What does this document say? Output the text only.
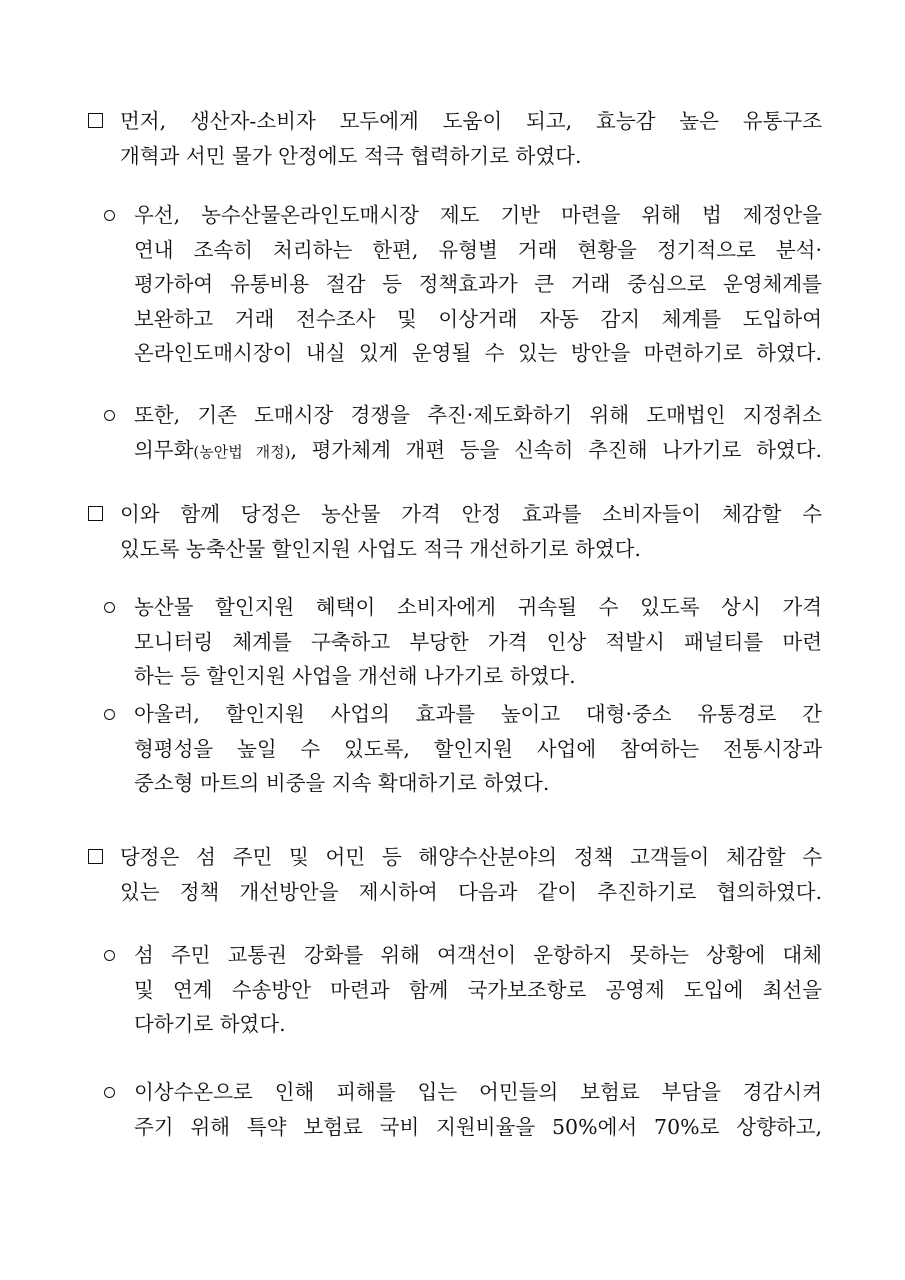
먼저, 생산자-소비자 모두에게 도움이 되고, 효능감 높은 유통구조
개혁과 서민 물가 안정에도 적극 협력하기로 하였다.
우선, 농수산물온라인도매시장 제도 기반 마련을 위해 법 제정안을
연내 조속히 처리하는 한편, 유형별 거래 현황을 정기적으로 분석·
평가하여 유통비용 절감 등 정책효과가 큰 거래 중심으로 운영체계를
보완하고 거래 전수조사 및 이상거래 자동 감지 체계를 도입하여
온라인도매시장이 내실 있게 운영될 수 있는 방안을 마련하기로 하였다.
또한, 기존 도매시장 경쟁을 추진·제도화하기 위해 도매법인 지정취소
의무화(농안법 개정), 평가체계 개편 등을 신속히 추진해 나가기로 하였다.
이와 함께 당정은 농산물 가격 안정 효과를 소비자들이 체감할 수
있도록 농축산물 할인지원 사업도 적극 개선하기로 하였다.
농산물 할인지원 혜택이 소비자에게 귀속될 수 있도록 상시 가격
모니터링 체계를 구축하고 부당한 가격 인상 적발시 패널티를 마련
하는 등 할인지원 사업을 개선해 나가기로 하였다.
아울러, 할인지원 사업의 효과를 높이고 대형·중소 유통경로 간
형평성을 높일 수 있도록, 할인지원 사업에 참여하는 전통시장과
중소형 마트의 비중을 지속 확대하기로 하였다.
당정은 섬 주민 및 어민 등 해양수산분야의 정책 고객들이 체감할 수
있는 정책 개선방안을 제시하여 다음과 같이 추진하기로 협의하였다.
섬 주민 교통권 강화를 위해 여객선이 운항하지 못하는 상황에 대체
및 연계 수송방안 마련과 함께 국가보조항로 공영제 도입에 최선을
다하기로 하였다.
이상수온으로 인해 피해를 입는 어민들의 보험료 부담을 경감시켜
주기 위해 특약 보험료 국비 지원비율을 50%에서 70%로 상향하고,
